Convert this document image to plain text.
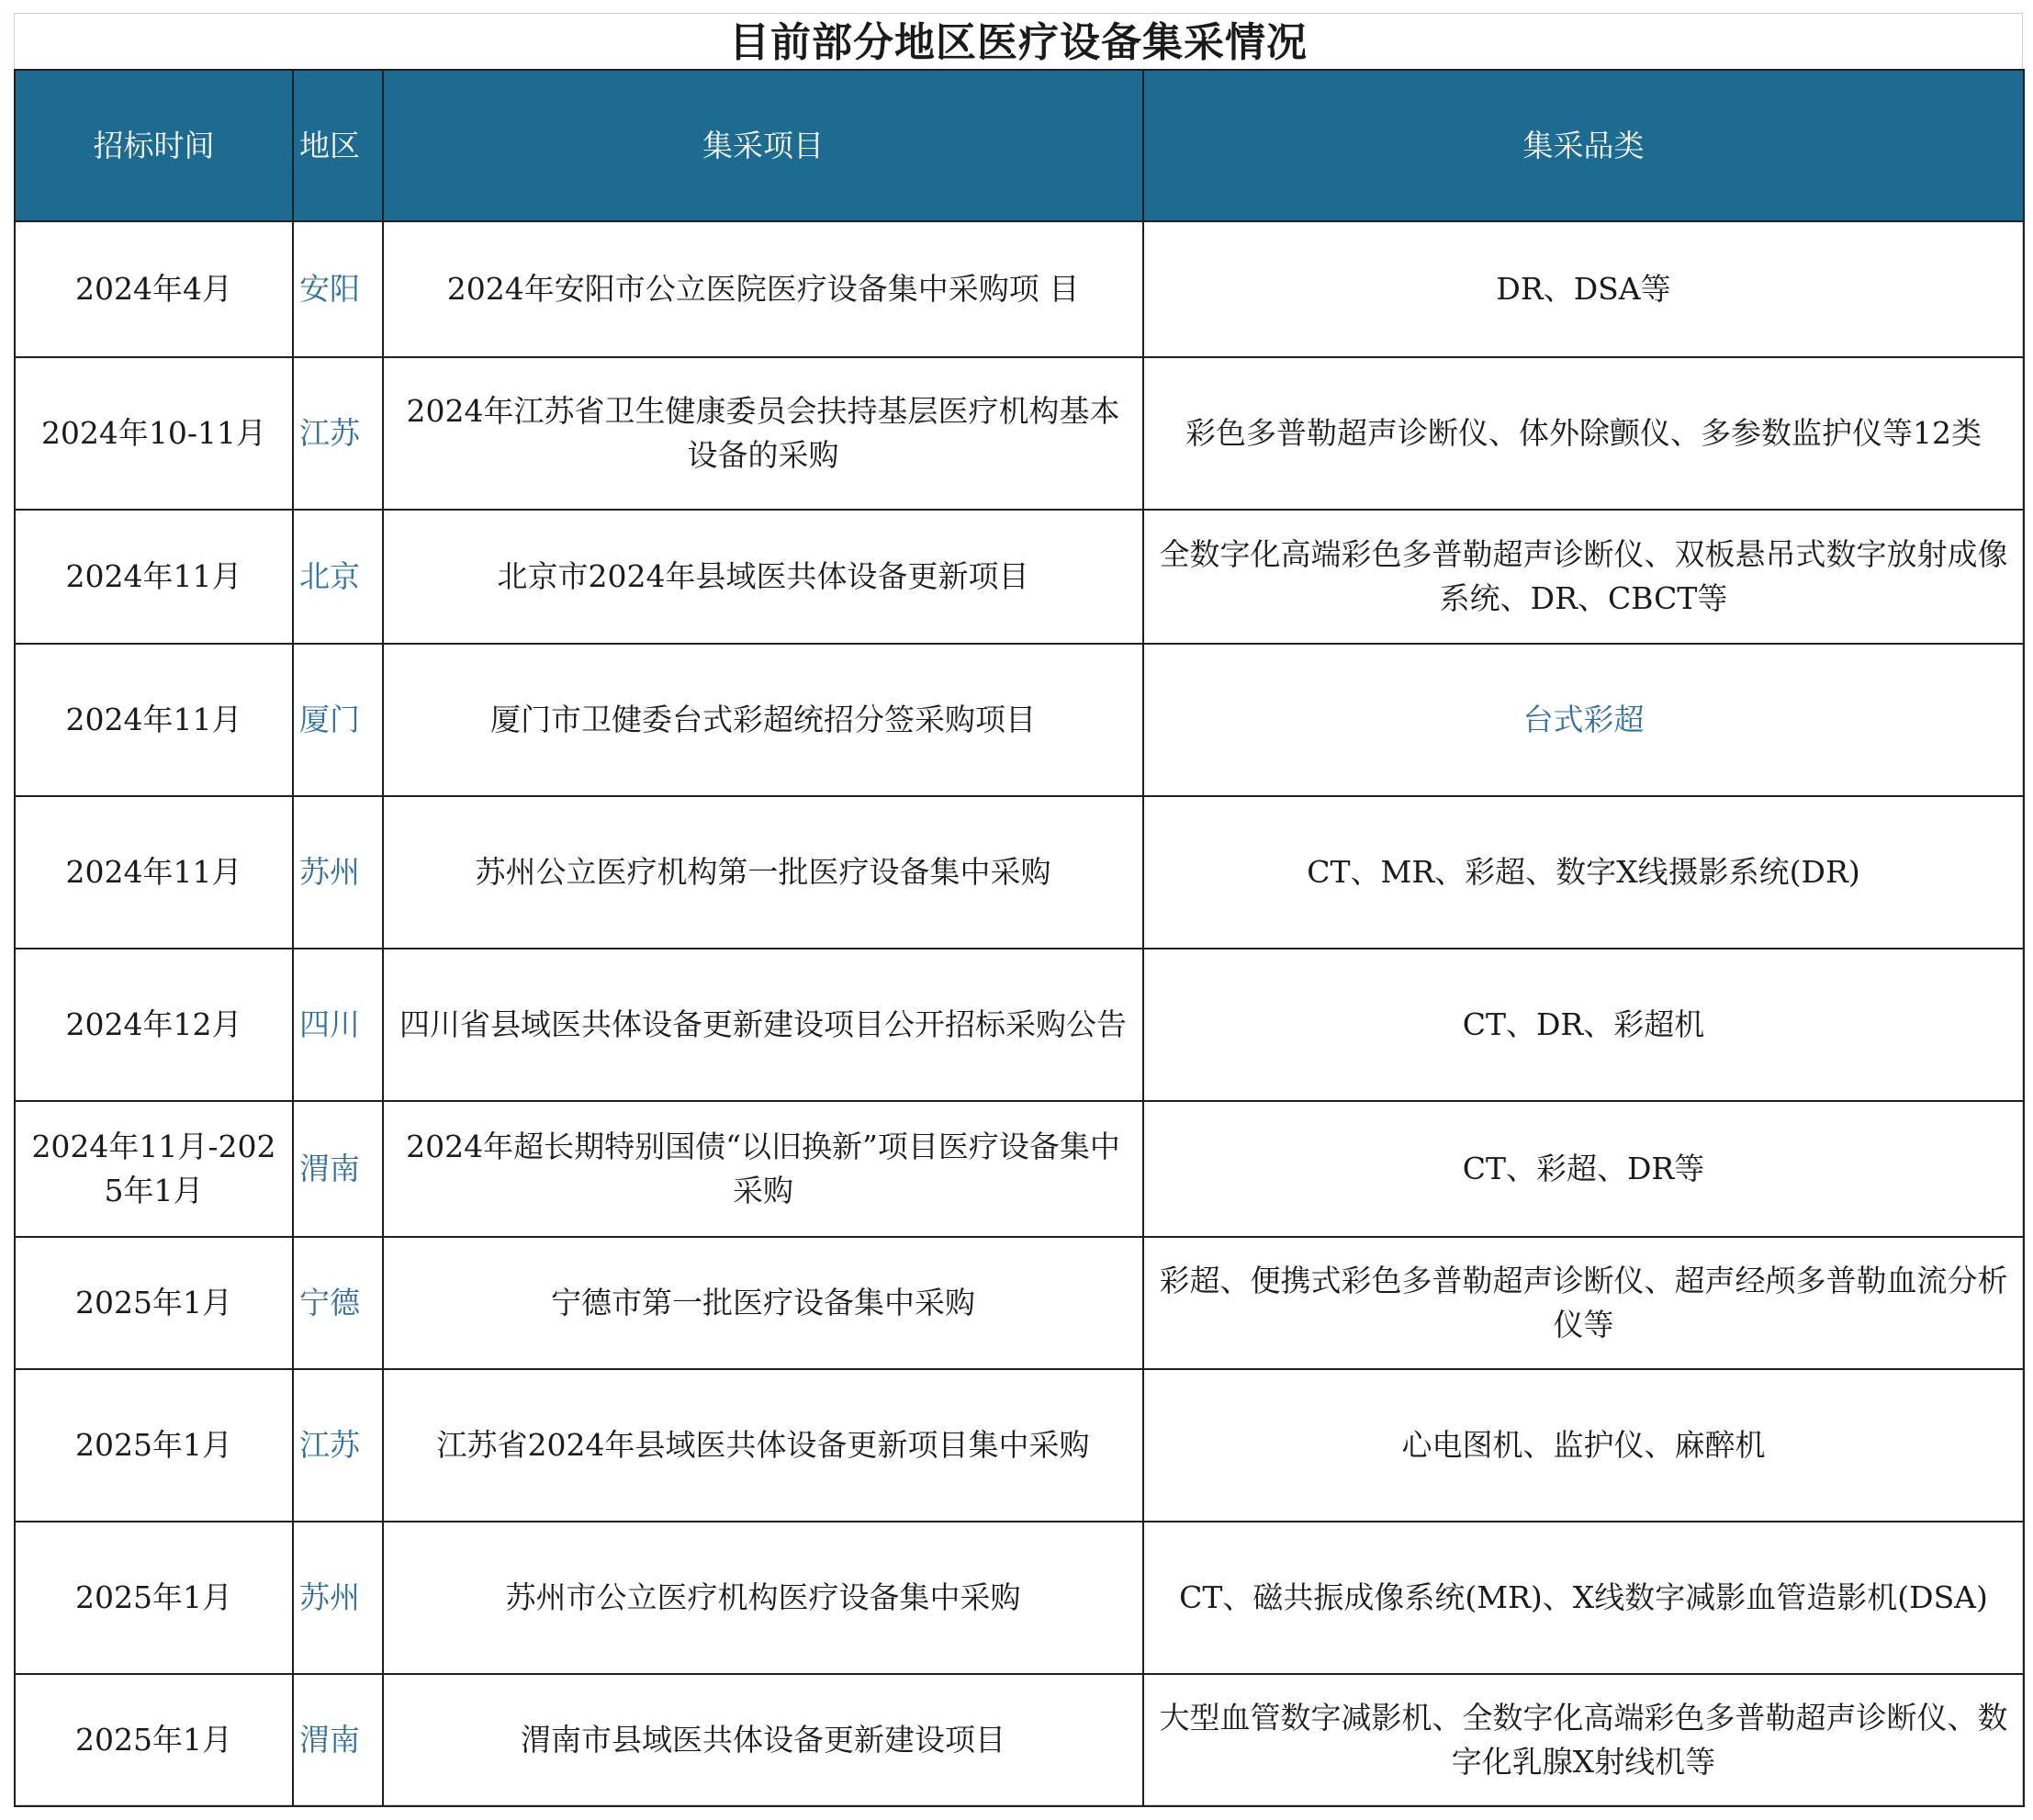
目前部分地区医疗设备集采情况
招标时间	地区	集采项目	集采品类
2024年4月	安阳	2024年安阳市公立医院医疗设备集中采购项 目	DR、DSA等
2024年10-11月	江苏	2024年江苏省卫生健康委员会扶持基层医疗机构基本设备的采购	彩色多普勒超声诊断仪、体外除颤仪、多参数监护仪等12类
2024年11月	北京	北京市2024年县域医共体设备更新项目	全数字化高端彩色多普勒超声诊断仪、双板悬吊式数字放射成像系统、DR、CBCT等
2024年11月	厦门	厦门市卫健委台式彩超统招分签采购项目	台式彩超
2024年11月	苏州	苏州公立医疗机构第一批医疗设备集中采购	CT、MR、彩超、数字X线摄影系统(DR)
2024年12月	四川	四川省县域医共体设备更新建设项目公开招标采购公告	CT、DR、彩超机
2024年11月-2025年1月	渭南	2024年超长期特别国债“以旧换新”项目医疗设备集中采购	CT、彩超、DR等
2025年1月	宁德	宁德市第一批医疗设备集中采购	彩超、便携式彩色多普勒超声诊断仪、超声经颅多普勒血流分析仪等
2025年1月	江苏	江苏省2024年县域医共体设备更新项目集中采购	心电图机、监护仪、麻醉机
2025年1月	苏州	苏州市公立医疗机构医疗设备集中采购	CT、磁共振成像系统(MR)、X线数字减影血管造影机(DSA)
2025年1月	渭南	渭南市县域医共体设备更新建设项目	大型血管数字减影机、全数字化高端彩色多普勒超声诊断仪、数字化乳腺X射线机等
